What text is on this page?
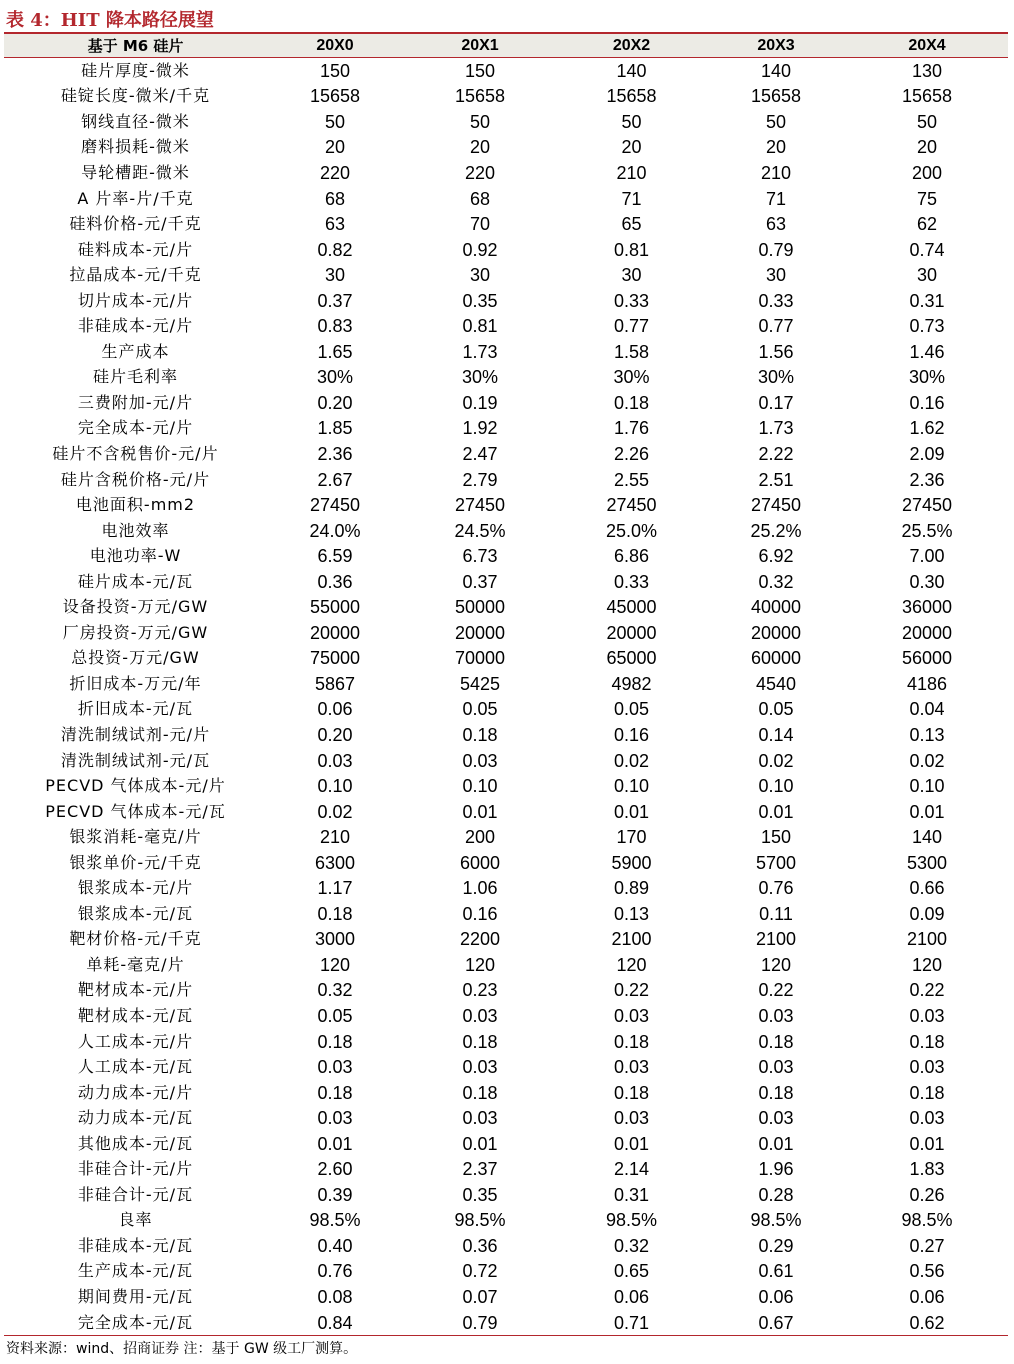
表 4：HIT 降本路径展望
基于 M6 硅片	20X0	20X1	20X2	20X3	20X4
硅片厚度-微米	150	150	140	140	130
硅锭长度-微米/千克	15658	15658	15658	15658	15658
钢线直径-微米	50	50	50	50	50
磨料损耗-微米	20	20	20	20	20
导轮槽距-微米	220	220	210	210	200
A 片率-片/千克	68	68	71	71	75
硅料价格-元/千克	63	70	65	63	62
硅料成本-元/片	0.82	0.92	0.81	0.79	0.74
拉晶成本-元/千克	30	30	30	30	30
切片成本-元/片	0.37	0.35	0.33	0.33	0.31
非硅成本-元/片	0.83	0.81	0.77	0.77	0.73
生产成本	1.65	1.73	1.58	1.56	1.46
硅片毛利率	30%	30%	30%	30%	30%
三费附加-元/片	0.20	0.19	0.18	0.17	0.16
完全成本-元/片	1.85	1.92	1.76	1.73	1.62
硅片不含税售价-元/片	2.36	2.47	2.26	2.22	2.09
硅片含税价格-元/片	2.67	2.79	2.55	2.51	2.36
电池面积-mm2	27450	27450	27450	27450	27450
电池效率	24.0%	24.5%	25.0%	25.2%	25.5%
电池功率-W	6.59	6.73	6.86	6.92	7.00
硅片成本-元/瓦	0.36	0.37	0.33	0.32	0.30
设备投资-万元/GW	55000	50000	45000	40000	36000
厂房投资-万元/GW	20000	20000	20000	20000	20000
总投资-万元/GW	75000	70000	65000	60000	56000
折旧成本-万元/年	5867	5425	4982	4540	4186
折旧成本-元/瓦	0.06	0.05	0.05	0.05	0.04
清洗制绒试剂-元/片	0.20	0.18	0.16	0.14	0.13
清洗制绒试剂-元/瓦	0.03	0.03	0.02	0.02	0.02
PECVD 气体成本-元/片	0.10	0.10	0.10	0.10	0.10
PECVD 气体成本-元/瓦	0.02	0.01	0.01	0.01	0.01
银浆消耗-毫克/片	210	200	170	150	140
银浆单价-元/千克	6300	6000	5900	5700	5300
银浆成本-元/片	1.17	1.06	0.89	0.76	0.66
银浆成本-元/瓦	0.18	0.16	0.13	0.11	0.09
靶材价格-元/千克	3000	2200	2100	2100	2100
单耗-毫克/片	120	120	120	120	120
靶材成本-元/片	0.32	0.23	0.22	0.22	0.22
靶材成本-元/瓦	0.05	0.03	0.03	0.03	0.03
人工成本-元/片	0.18	0.18	0.18	0.18	0.18
人工成本-元/瓦	0.03	0.03	0.03	0.03	0.03
动力成本-元/片	0.18	0.18	0.18	0.18	0.18
动力成本-元/瓦	0.03	0.03	0.03	0.03	0.03
其他成本-元/瓦	0.01	0.01	0.01	0.01	0.01
非硅合计-元/片	2.60	2.37	2.14	1.96	1.83
非硅合计-元/瓦	0.39	0.35	0.31	0.28	0.26
良率	98.5%	98.5%	98.5%	98.5%	98.5%
非硅成本-元/瓦	0.40	0.36	0.32	0.29	0.27
生产成本-元/瓦	0.76	0.72	0.65	0.61	0.56
期间费用-元/瓦	0.08	0.07	0.06	0.06	0.06
完全成本-元/瓦	0.84	0.79	0.71	0.67	0.62
资料来源：wind、招商证券 注：基于 GW 级工厂测算。
